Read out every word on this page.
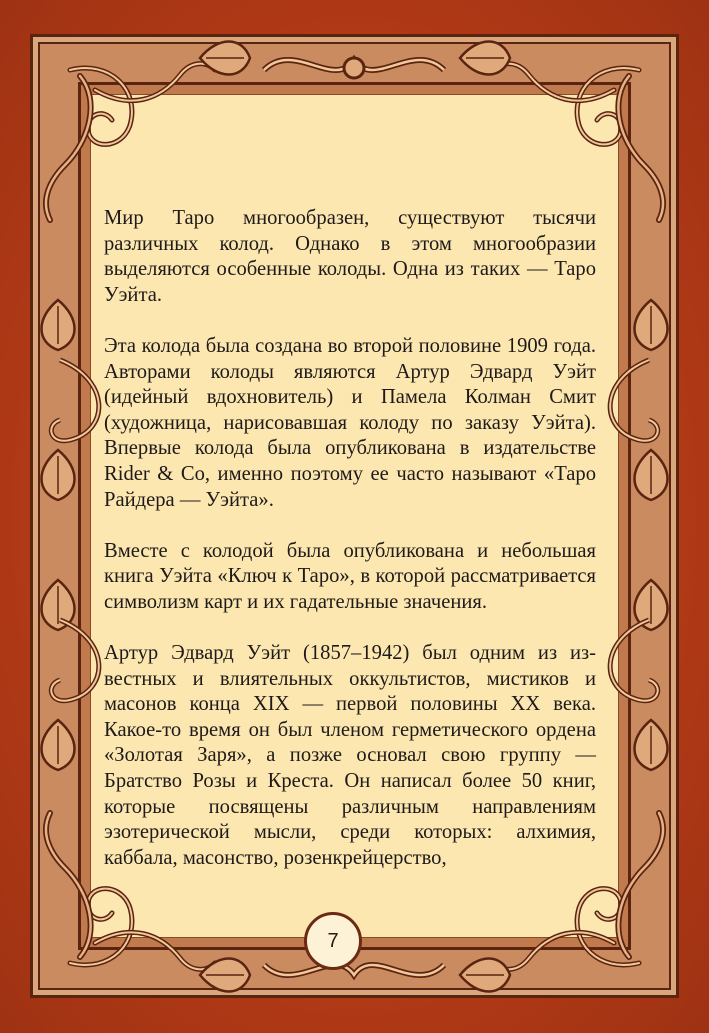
Мир Таро многообразен, существуют тысячи различных колод. Однако в этом многообразии выделяются особенные колоды. Одна из таких — Таро Уэйта.

Эта колода была создана во второй половине 1909 года. Авторами колоды являются Артур Эдвард Уэйт (идейный вдохновитель) и Памела Колман Смит (художница, нарисовавшая колоду по заказу Уэйта). Впервые колода была опубликована в издательстве Rider & Co, именно поэтому ее часто называют «Таро Райдера — Уэйта».

Вместе с колодой была опубликована и небольшая книга Уэйта «Ключ к Таро», в которой рассматривается символизм карт и их гадательные значения.

Артур Эдвард Уэйт (1857–1942) был одним из известных и влиятельных оккультистов, мистиков и масонов конца XIX — первой половины XX века. Какое-то время он был членом герметического ордена «Золотая Заря», а позже основал свою группу — Братство Розы и Креста. Он написал более 50 книг, которые посвящены различным направлениям эзотерической мысли, среди которых: алхимия, каббала, масонство, розенкрейцерство,

7
